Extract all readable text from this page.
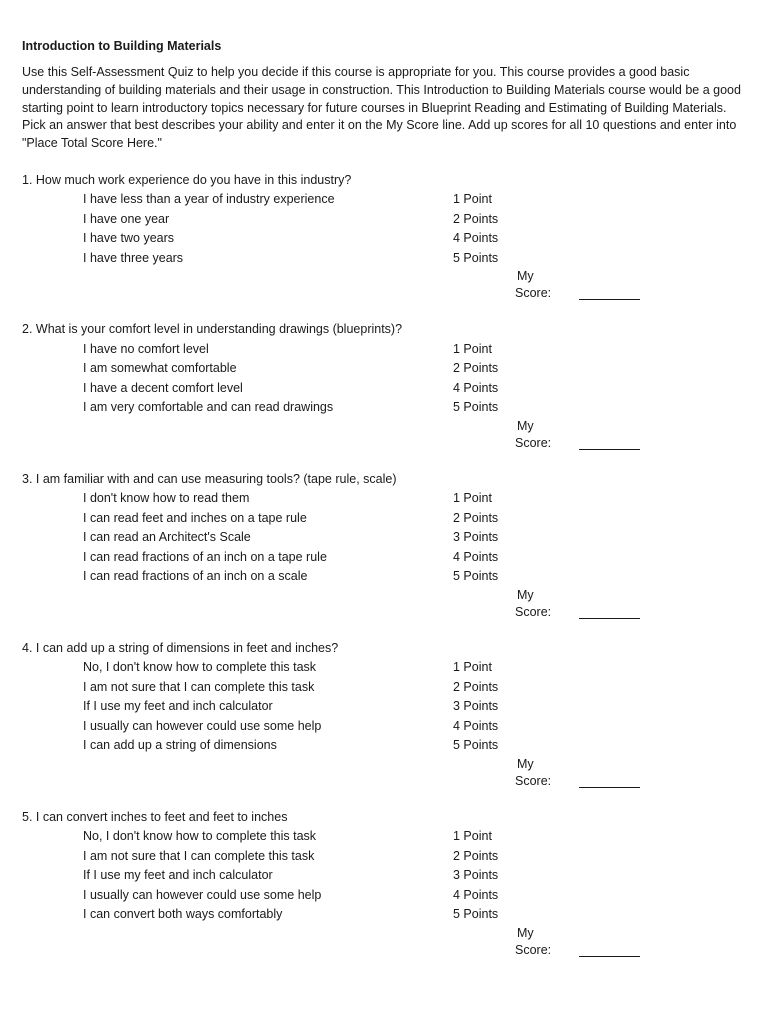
Introduction to Building Materials

Use this Self-Assessment Quiz to help you decide if this course is appropriate for you. This course provides a good basic understanding of building materials and their usage in construction. This Introduction to Building Materials course would be a good starting point to learn introductory topics necessary for future courses in Blueprint Reading and Estimating of Building Materials.

Pick an answer that best describes your ability and enter it on the My Score line. Add up scores for all 10 questions and enter into "Place Total Score Here."

1. How much work experience do you have in this industry?
I have less than a year of industry experience	1 Point
I have one year	2 Points
I have two years	4 Points
I have three years	5 Points
My
Score:
2. What is your comfort level in understanding drawings (blueprints)?
I have no comfort level	1 Point
I am somewhat comfortable	2 Points
I have a decent comfort level	4 Points
I am very comfortable and can read drawings	5 Points
My
Score:
3. I am familiar with and can use measuring tools? (tape rule, scale)
I don't know how to read them	1 Point
I can read feet and inches on a tape rule	2 Points
I can read an Architect's Scale	3 Points
I can read fractions of an inch on a tape rule	4 Points
I can read fractions of an inch on a scale	5 Points
My
Score:
4. I can add up a string of dimensions in feet and inches?
No, I don't know how to complete this task	1 Point
I am not sure that I can complete this task	2 Points
If I use my feet and inch calculator	3 Points
I usually can however could use some help	4 Points
I can add up a string of dimensions	5 Points
My
Score:
5. I can convert inches to feet and feet to inches
No, I don't know how to complete this task	1 Point
I am not sure that I can complete this task	2 Points
If I use my feet and inch calculator	3 Points
I usually can however could use some help	4 Points
I can convert both ways comfortably	5 Points
My
Score:
